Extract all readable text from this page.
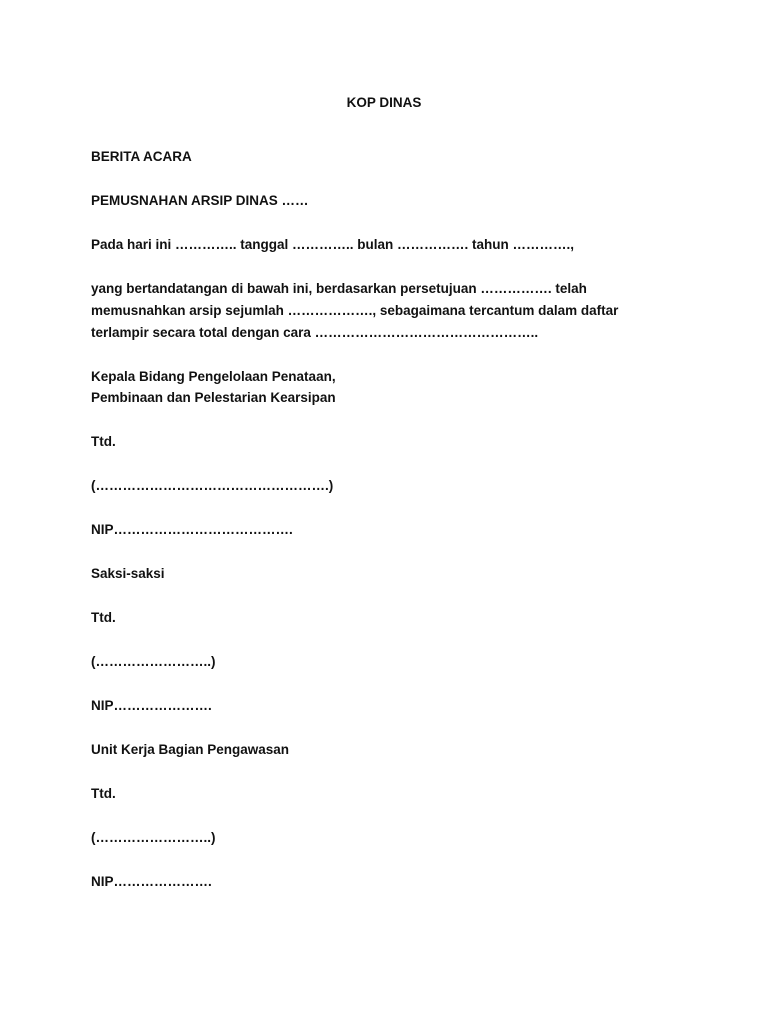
KOP DINAS
BERITA ACARA
PEMUSNAHAN ARSIP DINAS ……
Pada hari ini ………….. tanggal ………….. bulan ……………. tahun ………….,
yang bertandatangan di bawah ini, berdasarkan persetujuan ……………. telah
memusnahkan arsip sejumlah ………………., sebagaimana tercantum dalam daftar
terlampir secara total dengan cara …………………………………………..
Kepala Bidang Pengelolaan Penataan,
Pembinaan dan Pelestarian Kearsipan
Ttd.
(…………………………………………….)
NIP………………………………….
Saksi-saksi
Ttd.
(……………………..)
NIP………………….
Unit Kerja Bagian Pengawasan
Ttd.
(……………………..)
NIP………………….
